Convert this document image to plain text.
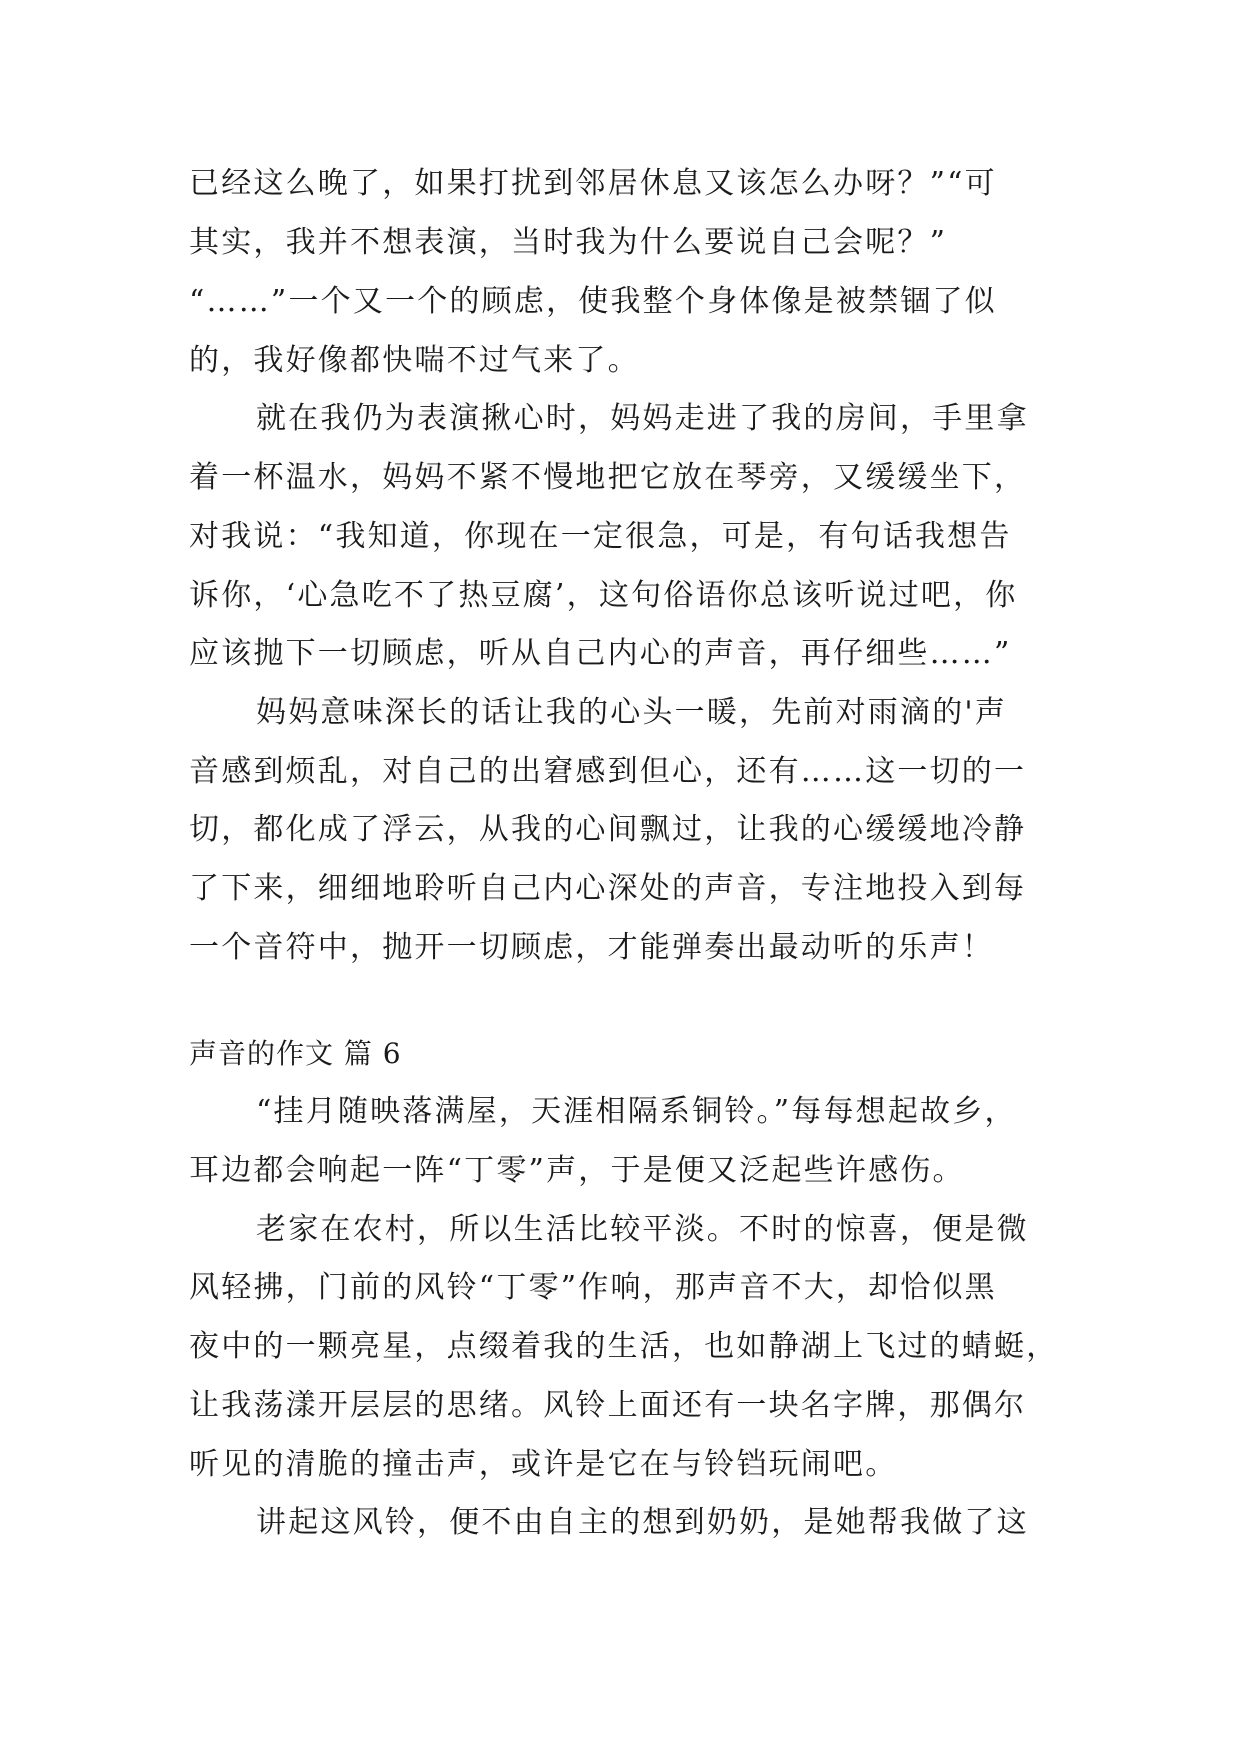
已经这么晚了，如果打扰到邻居休息又该怎么办呀？”“可
其实，我并不想表演，当时我为什么要说自己会呢？”
“……”一个又一个的顾虑，使我整个身体像是被禁锢了似
的，我好像都快喘不过气来了。
就在我仍为表演揪心时，妈妈走进了我的房间，手里拿
着一杯温水，妈妈不紧不慢地把它放在琴旁，又缓缓坐下，
对我说：“我知道，你现在一定很急，可是，有句话我想告
诉你，‘心急吃不了热豆腐’，这句俗语你总该听说过吧，你
应该抛下一切顾虑，听从自己内心的声音，再仔细些……”
妈妈意味深长的话让我的心头一暖，先前对雨滴的'声
音感到烦乱，对自己的出窘感到但心，还有……这一切的一
切，都化成了浮云，从我的心间飘过，让我的心缓缓地冷静
了下来，细细地聆听自己内心深处的声音，专注地投入到每
一个音符中，抛开一切顾虑，才能弹奏出最动听的乐声！
声音的作文 篇 6
“挂月随映落满屋，天涯相隔系铜铃。”每每想起故乡，
耳边都会响起一阵“丁零”声，于是便又泛起些许感伤。
老家在农村，所以生活比较平淡。不时的惊喜，便是微
风轻拂，门前的风铃“丁零”作响，那声音不大，却恰似黑
夜中的一颗亮星，点缀着我的生活，也如静湖上飞过的蜻蜓，
让我荡漾开层层的思绪。风铃上面还有一块名字牌，那偶尔
听见的清脆的撞击声，或许是它在与铃铛玩闹吧。
讲起这风铃，便不由自主的想到奶奶，是她帮我做了这
